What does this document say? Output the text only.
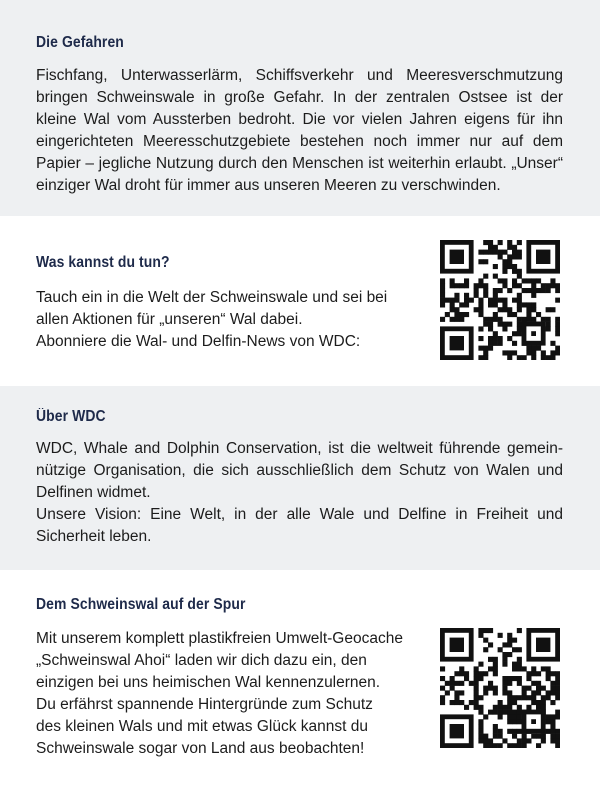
Die Gefahren
Fischfang, Unterwasserlärm, Schiffsverkehr und Meeresverschmutzung
bringen Schweinswale in große Gefahr. In der zentralen Ostsee ist der
kleine Wal vom Aussterben bedroht. Die vor vielen Jahren eigens für ihn
eingerichteten Meeresschutzgebiete bestehen noch immer nur auf dem
Papier – jegliche Nutzung durch den Menschen ist weiterhin erlaubt. „Unser“
einziger Wal droht für immer aus unseren Meeren zu verschwinden.
Was kannst du tun?
Tauch ein in die Welt der Schweinswale und sei bei
allen Aktionen für „unseren“ Wal dabei.
Abonniere die Wal- und Delfin-News von WDC:
Über WDC
WDC, Whale and Dolphin Conservation, ist die weltweit führende gemein-
nützige Organisation, die sich ausschließlich dem Schutz von Walen und
Delfinen widmet.
Unsere Vision: Eine Welt, in der alle Wale und Delfine in Freiheit und
Sicherheit leben.
Dem Schweinswal auf der Spur
Mit unserem komplett plastikfreien Umwelt-Geocache
„Schweinswal Ahoi“ laden wir dich dazu ein, den
einzigen bei uns heimischen Wal kennenzulernen.
Du erfährst spannende Hintergründe zum Schutz
des kleinen Wals und mit etwas Glück kannst du
Schweinswale sogar von Land aus beobachten!
